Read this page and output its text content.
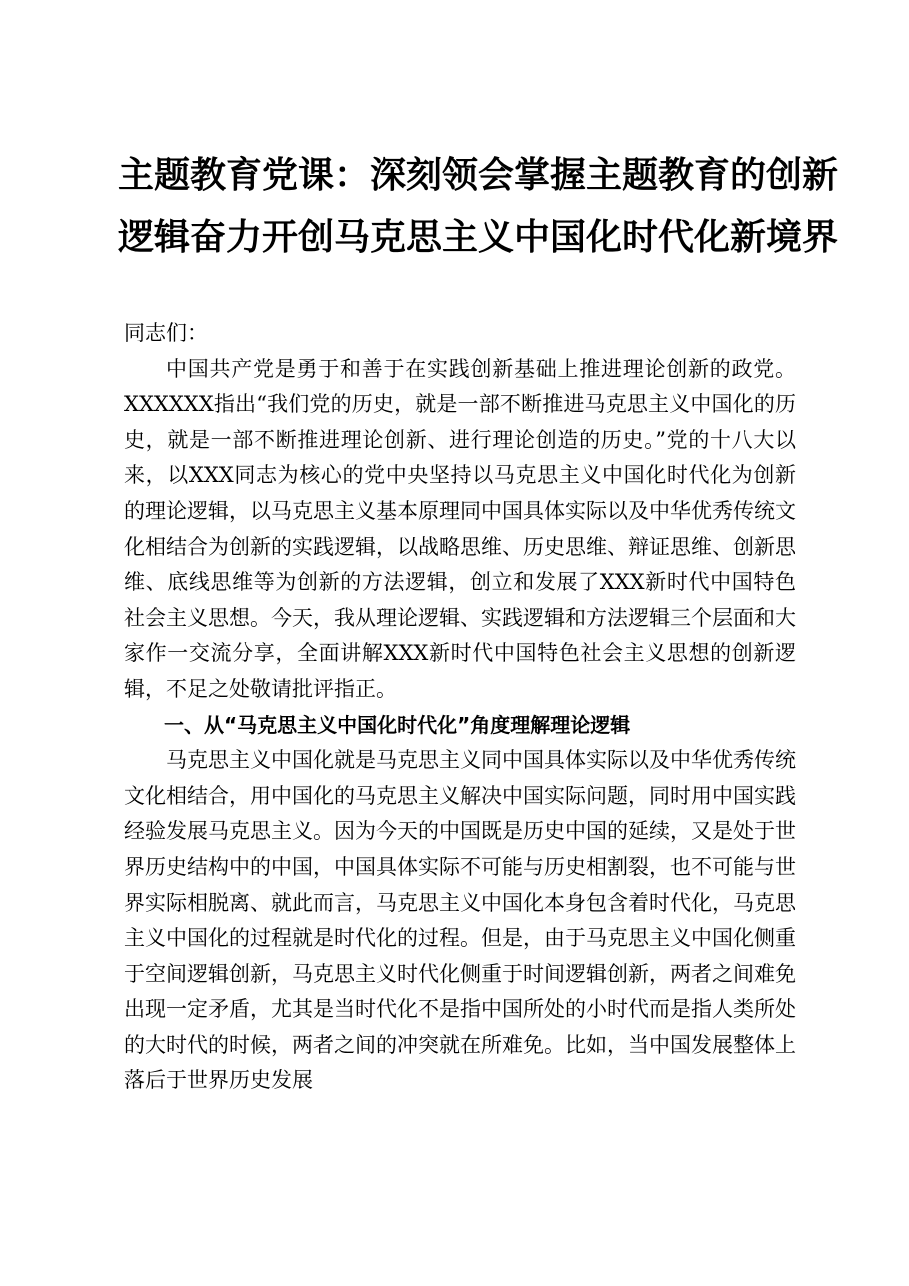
主题教育党课：深刻领会掌握主题教育的创新
逻辑奋力开创马克思主义中国化时代化新境界

同志们：

中国共产党是勇于和善于在实践创新基础上推进理论创新的政党。XXXXXX指出“我们党的历史，就是一部不断推进马克思主义中国化的历史，就是一部不断推进理论创新、进行理论创造的历史。”党的十八大以来，以XXX同志为核心的党中央坚持以马克思主义中国化时代化为创新的理论逻辑，以马克思主义基本原理同中国具体实际以及中华优秀传统文化相结合为创新的实践逻辑，以战略思维、历史思维、辩证思维、创新思维、底线思维等为创新的方法逻辑，创立和发展了XXX新时代中国特色社会主义思想。今天，我从理论逻辑、实践逻辑和方法逻辑三个层面和大家作一交流分享，全面讲解XXX新时代中国特色社会主义思想的创新逻辑，不足之处敬请批评指正。

一、从“马克思主义中国化时代化”角度理解理论逻辑

马克思主义中国化就是马克思主义同中国具体实际以及中华优秀传统文化相结合，用中国化的马克思主义解决中国实际问题，同时用中国实践经验发展马克思主义。因为今天的中国既是历史中国的延续，又是处于世界历史结构中的中国，中国具体实际不可能与历史相割裂，也不可能与世界实际相脱离、就此而言，马克思主义中国化本身包含着时代化，马克思主义中国化的过程就是时代化的过程。但是，由于马克思主义中国化侧重于空间逻辑创新，马克思主义时代化侧重于时间逻辑创新，两者之间难免出现一定矛盾，尤其是当时代化不是指中国所处的小时代而是指人类所处的大时代的时候，两者之间的冲突就在所难免。比如，当中国发展整体上落后于世界历史发展
